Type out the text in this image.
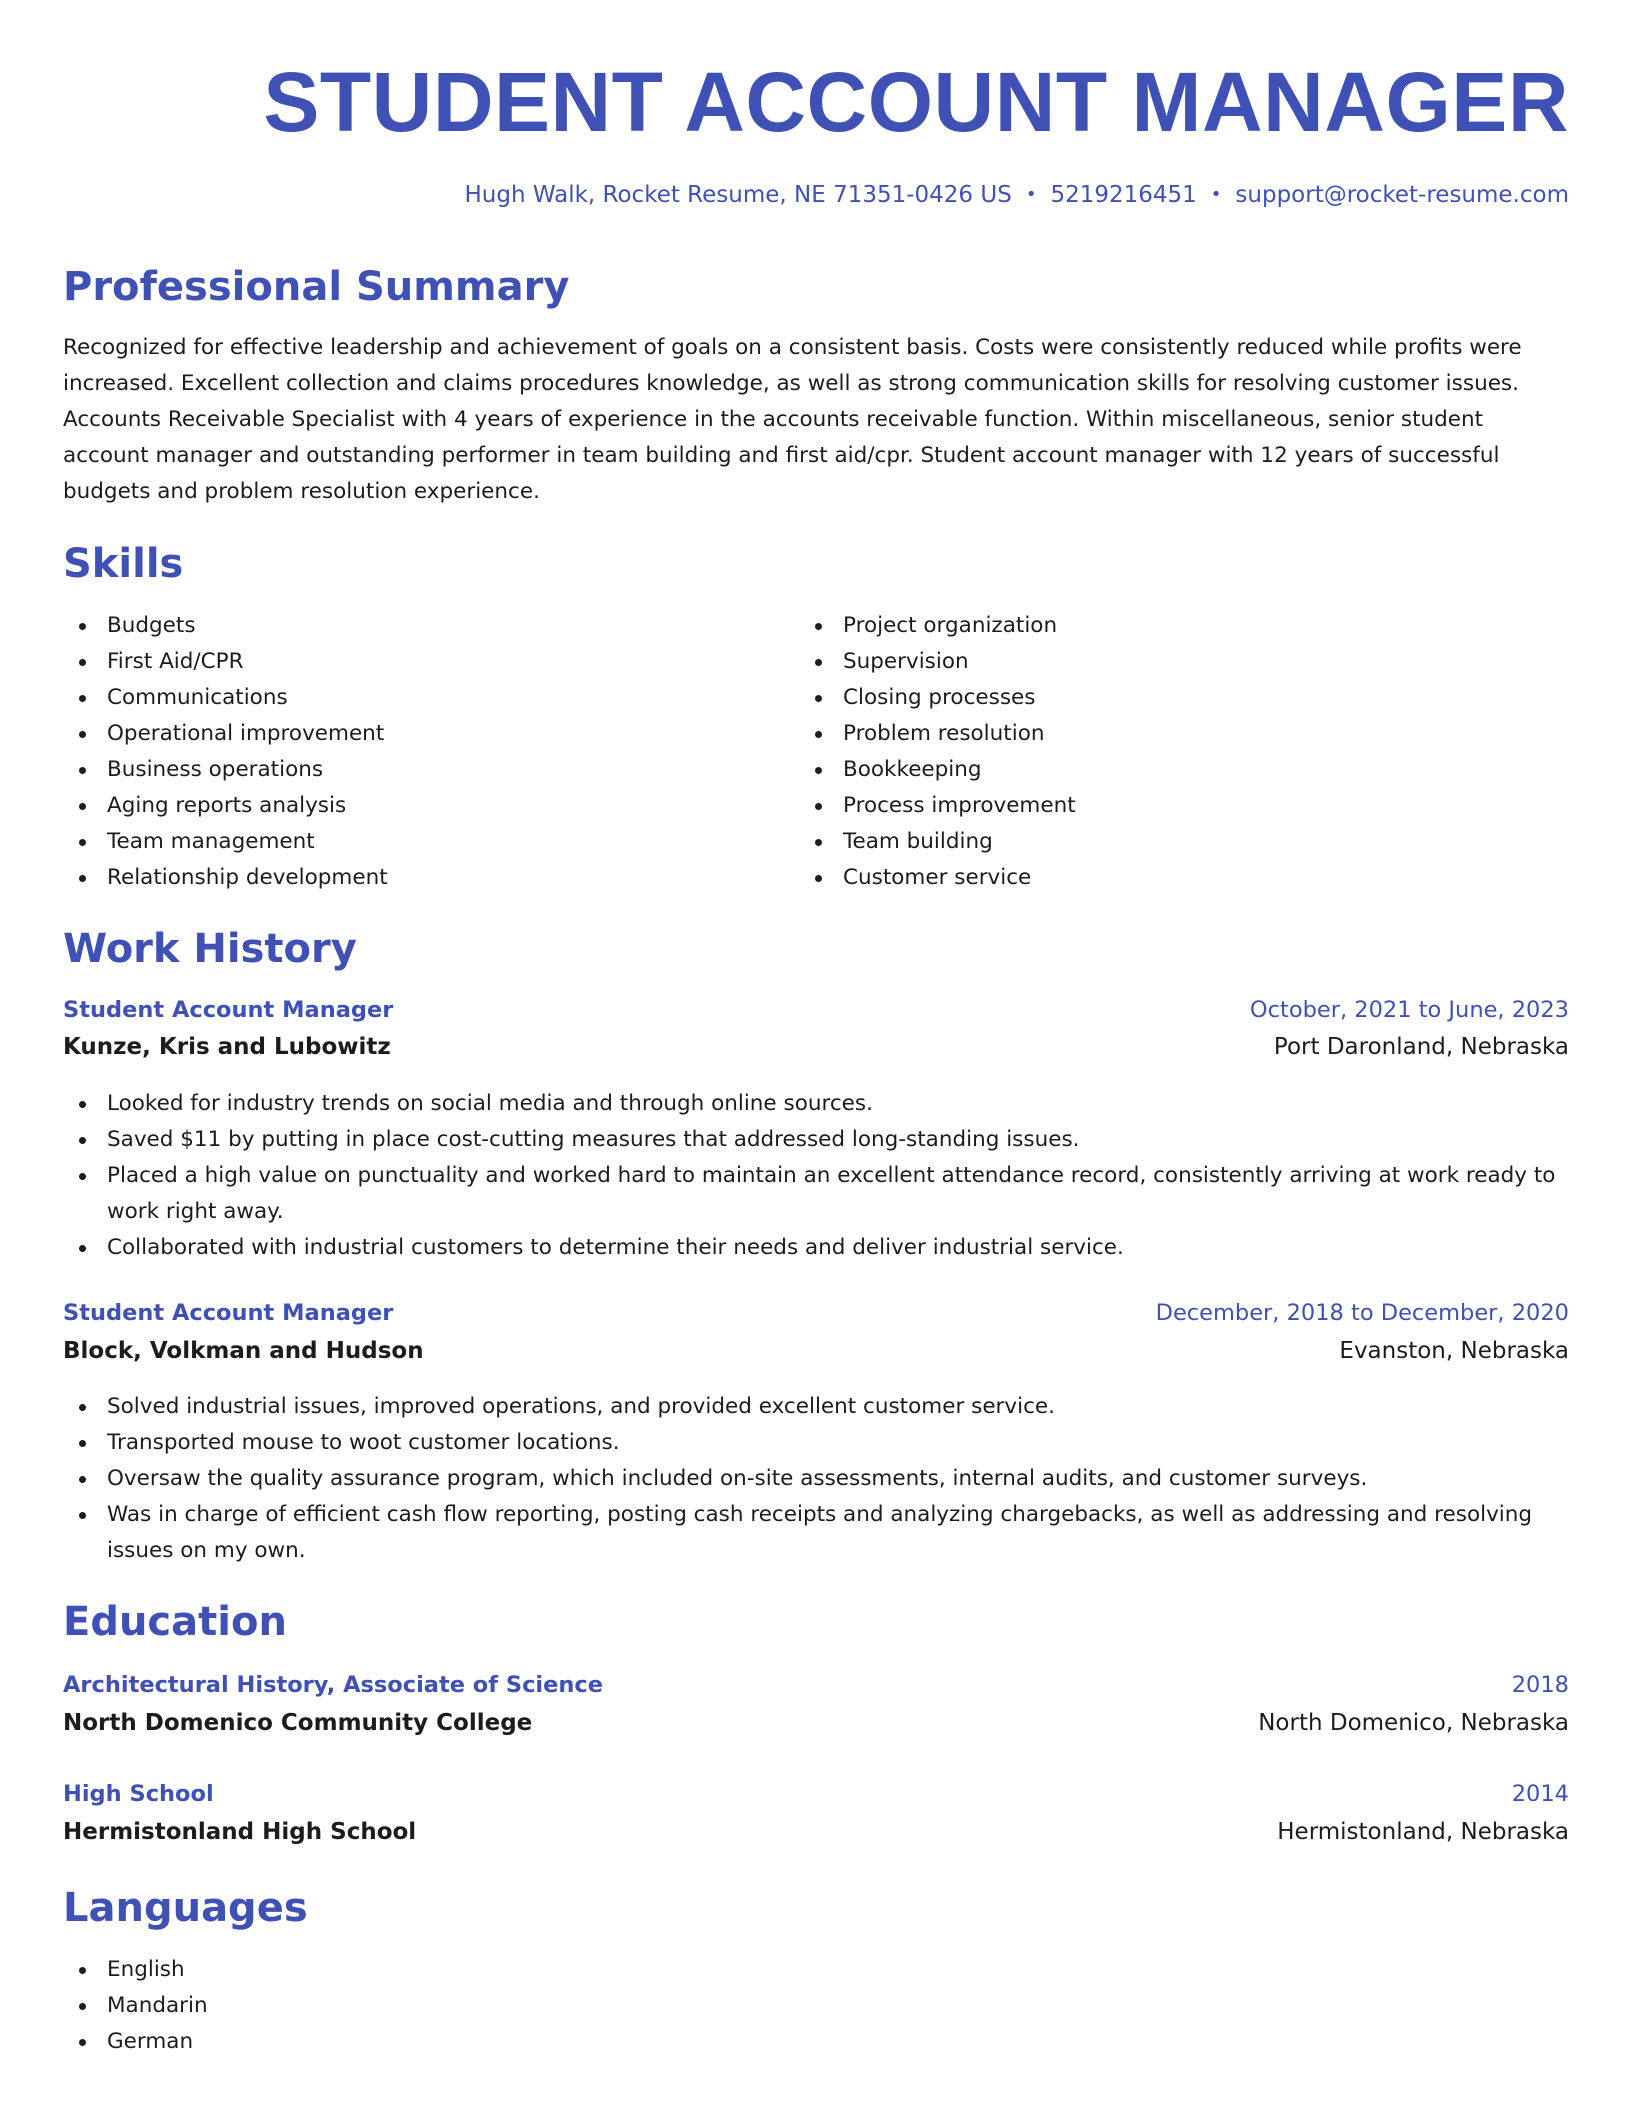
STUDENT ACCOUNT MANAGER
Hugh Walk, Rocket Resume, NE 71351-0426 US • 5219216451 • support@rocket-resume.com
Professional Summary

Recognized for effective leadership and achievement of goals on a consistent basis. Costs were consistently reduced while profits were increased. Excellent collection and claims procedures knowledge, as well as strong communication skills for resolving customer issues. Accounts Receivable Specialist with 4 years of experience in the accounts receivable function. Within miscellaneous, senior student account manager and outstanding performer in team building and first aid/cpr. Student account manager with 12 years of successful budgets and problem resolution experience.

Skills
Budgets
First Aid/CPR
Communications
Operational improvement
Business operations
Aging reports analysis
Team management
Relationship development
Project organization
Supervision
Closing processes
Problem resolution
Bookkeeping
Process improvement
Team building
Customer service
Work History
Student Account Manager	October, 2021 to June, 2023
Kunze, Kris and Lubowitz	Port Daronland, Nebraska
Looked for industry trends on social media and through online sources.
Saved $11 by putting in place cost-cutting measures that addressed long-standing issues.
Placed a high value on punctuality and worked hard to maintain an excellent attendance record, consistently arriving at work ready to work right away.
Collaborated with industrial customers to determine their needs and deliver industrial service.
Student Account Manager	December, 2018 to December, 2020
Block, Volkman and Hudson	Evanston, Nebraska
Solved industrial issues, improved operations, and provided excellent customer service.
Transported mouse to woot customer locations.
Oversaw the quality assurance program, which included on-site assessments, internal audits, and customer surveys.
Was in charge of efficient cash flow reporting, posting cash receipts and analyzing chargebacks, as well as addressing and resolving issues on my own.
Education
Architectural History, Associate of Science	2018
North Domenico Community College	North Domenico, Nebraska
High School	2014
Hermistonland High School	Hermistonland, Nebraska
Languages
English
Mandarin
German
